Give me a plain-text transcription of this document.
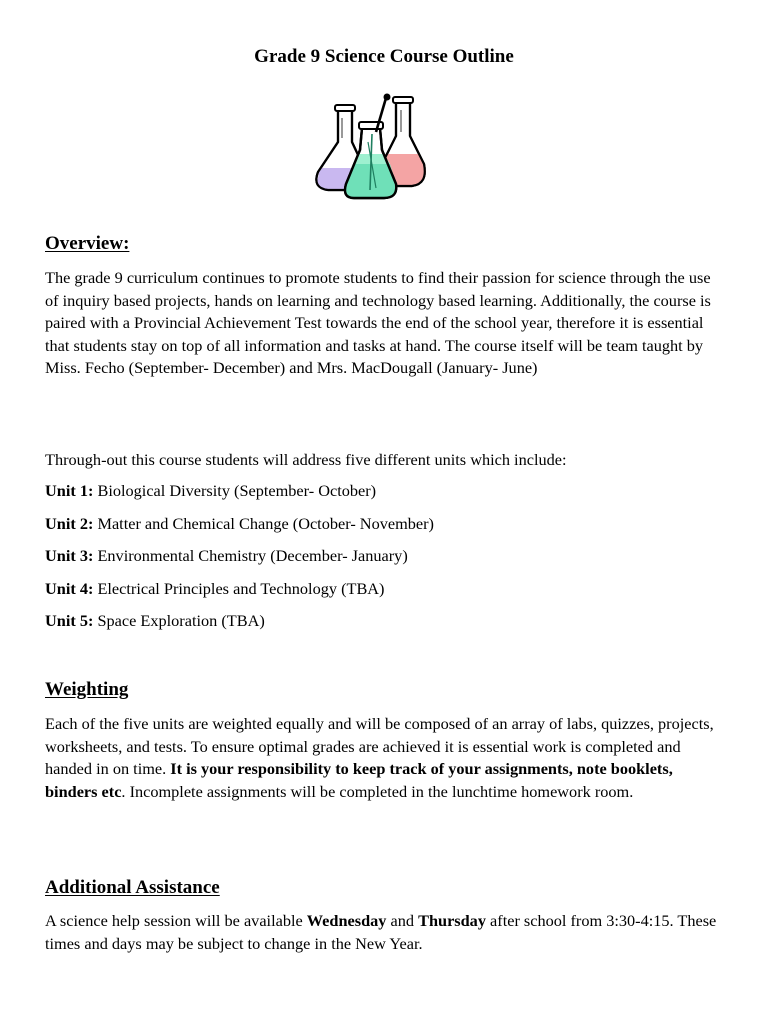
Grade 9 Science Course Outline
Overview:
The grade 9 curriculum continues to promote students to find their passion for science through the use of inquiry based projects, hands on learning and technology based learning. Additionally, the course is paired with a Provincial Achievement Test towards the end of the school year, therefore it is essential that students stay on top of all information and tasks at hand. The course itself will be team taught by Miss. Fecho (September- December) and Mrs. MacDougall (January- June)
Through-out this course students will address five different units which include:
Unit 1: Biological Diversity (September- October)
Unit 2: Matter and Chemical Change (October- November)
Unit 3: Environmental Chemistry (December- January)
Unit 4: Electrical Principles and Technology (TBA)
Unit 5: Space Exploration (TBA)
Weighting
Each of the five units are weighted equally and will be composed of an array of labs, quizzes, projects, worksheets, and tests. To ensure optimal grades are achieved it is essential work is completed and handed in on time. It is your responsibility to keep track of your assignments, note booklets, binders etc. Incomplete assignments will be completed in the lunchtime homework room.
Additional Assistance
A science help session will be available Wednesday and Thursday after school from 3:30-4:15. These times and days may be subject to change in the New Year.
